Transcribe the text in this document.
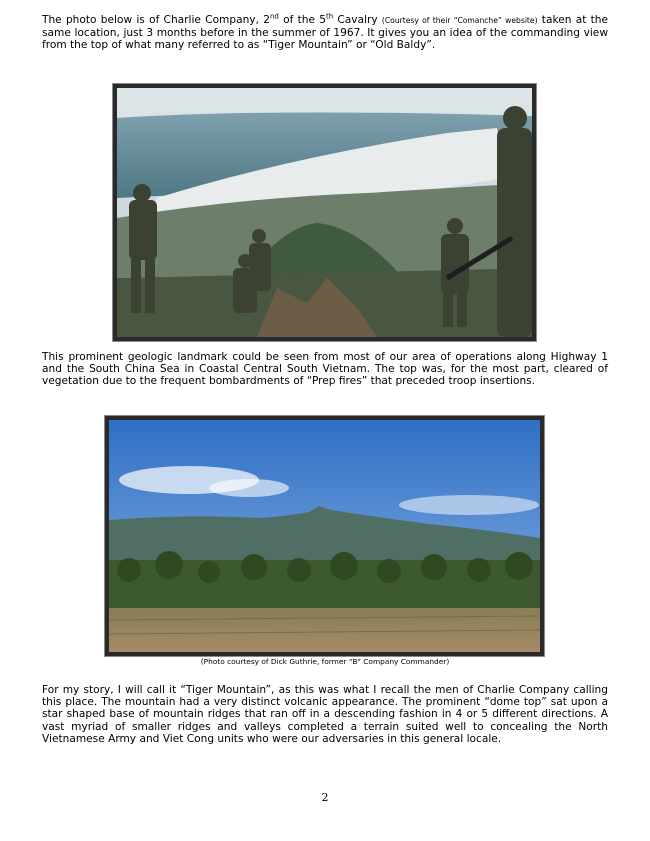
The photo below is of Charlie Company, 2nd of the 5th Cavalry (Courtesy of their “Comanche” website) taken at the same location, just 3 months before in the summer of 1967. It gives you an idea of the commanding view from the top of what many referred to as “Tiger Mountain” or “Old Baldy”.

This prominent geologic landmark could be seen from most of our area of operations along Highway 1 and the South China Sea in Coastal Central South Vietnam. The top was, for the most part, cleared of vegetation due to the frequent bombardments of “Prep fires” that preceded troop insertions.

(Photo courtesy of Dick Guthrie, former “B” Company Commander)

For my story, I will call it “Tiger Mountain”, as this was what I recall the men of Charlie Company calling this place. The mountain had a very distinct volcanic appearance. The prominent “dome top” sat upon a star shaped base of mountain ridges that ran off in a descending fashion in 4 or 5 different directions. A vast myriad of smaller ridges and valleys completed a terrain suited well to concealing the North Vietnamese Army and Viet Cong units who were our adversaries in this general locale.

2
